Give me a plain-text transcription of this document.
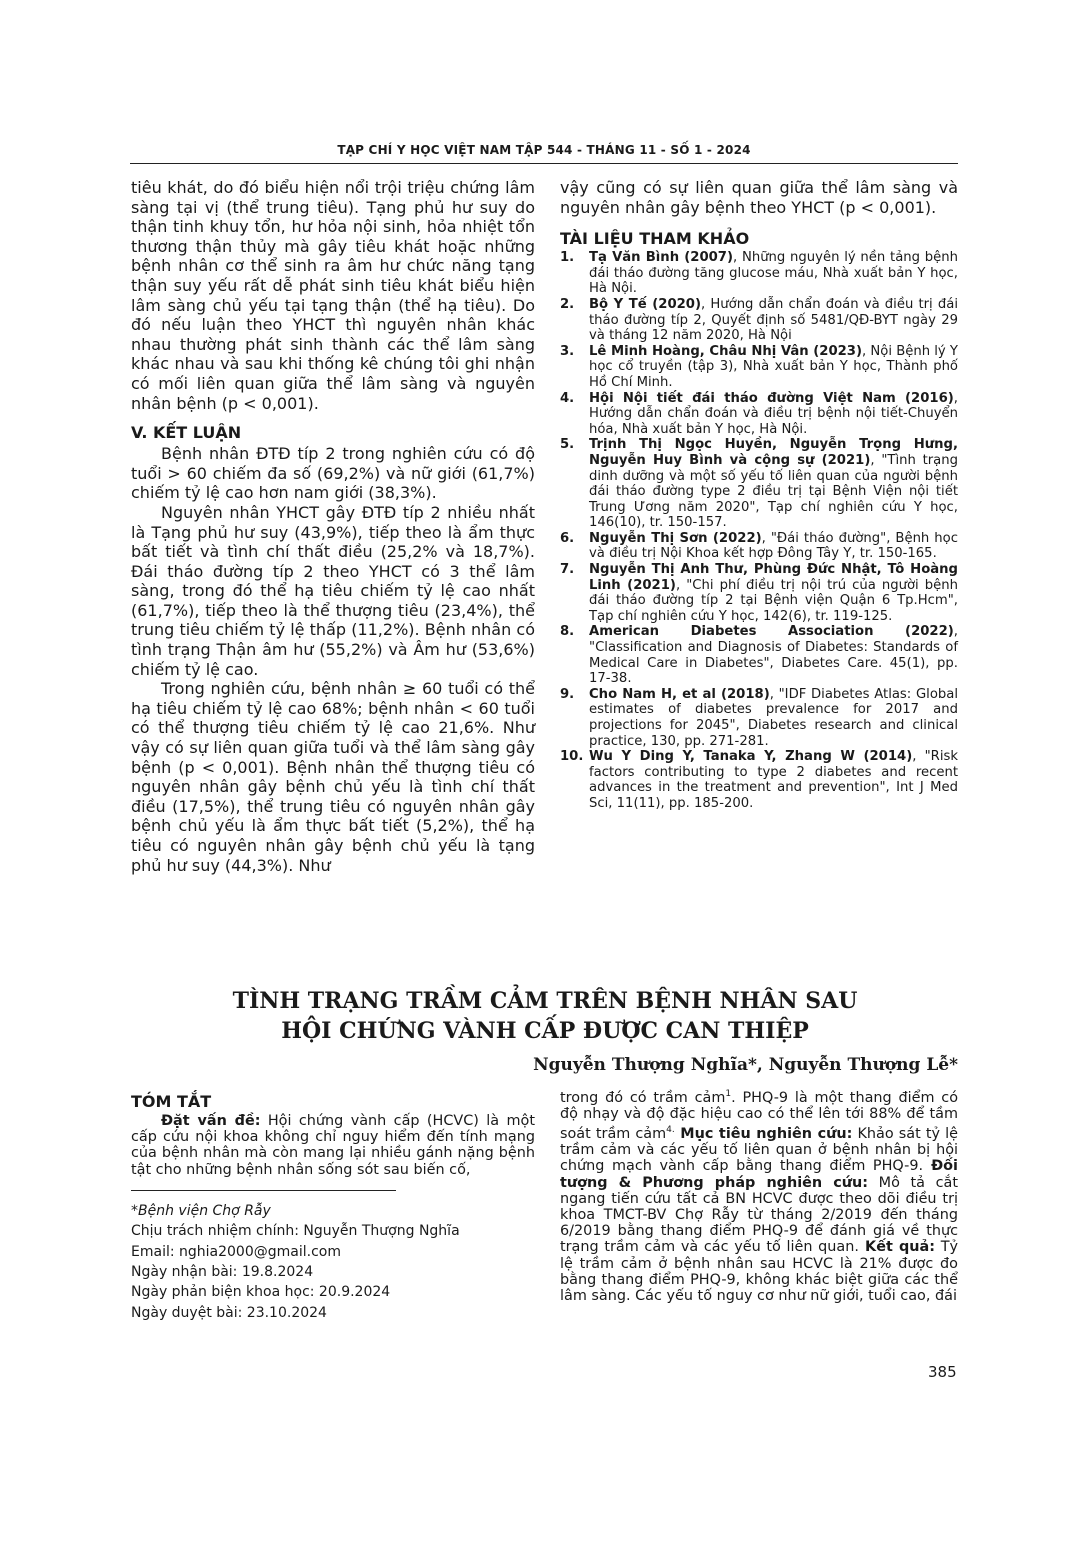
TẠP CHÍ Y HỌC VIỆT NAM TẬP 544 - THÁNG 11 - SỐ 1 - 2024

tiêu khát, do đó biểu hiện nổi trội triệu chứng lâm sàng tại vị (thể trung tiêu). Tạng phủ hư suy do thận tinh khuy tổn, hư hỏa nội sinh, hỏa nhiệt tổn thương thận thủy mà gây tiêu khát hoặc những bệnh nhân cơ thể sinh ra âm hư chức năng tạng thận suy yếu rất dễ phát sinh tiêu khát biểu hiện lâm sàng chủ yếu tại tạng thận (thể hạ tiêu). Do đó nếu luận theo YHCT thì nguyên nhân khác nhau thường phát sinh thành các thể lâm sàng khác nhau và sau khi thống kê chúng tôi ghi nhận có mối liên quan giữa thể lâm sàng và nguyên nhân bệnh (p < 0,001).

V. KẾT LUẬN

Bệnh nhân ĐTĐ típ 2 trong nghiên cứu có độ tuổi > 60 chiếm đa số (69,2%) và nữ giới (61,7%) chiếm tỷ lệ cao hơn nam giới (38,3%).

Nguyên nhân YHCT gây ĐTĐ típ 2 nhiều nhất là Tạng phủ hư suy (43,9%), tiếp theo là ẩm thực bất tiết và tình chí thất điều (25,2% và 18,7%). Đái tháo đường típ 2 theo YHCT có 3 thể lâm sàng, trong đó thể hạ tiêu chiếm tỷ lệ cao nhất (61,7%), tiếp theo là thể thượng tiêu (23,4%), thể trung tiêu chiếm tỷ lệ thấp (11,2%). Bệnh nhân có tình trạng Thận âm hư (55,2%) và Âm hư (53,6%) chiếm tỷ lệ cao.

Trong nghiên cứu, bệnh nhân ≥ 60 tuổi có thể hạ tiêu chiếm tỷ lệ cao 68%; bệnh nhân < 60 tuổi có thể thượng tiêu chiếm tỷ lệ cao 21,6%. Như vậy có sự liên quan giữa tuổi và thể lâm sàng gây bệnh (p < 0,001). Bệnh nhân thể thượng tiêu có nguyên nhân gây bệnh chủ yếu là tình chí thất điều (17,5%), thể trung tiêu có nguyên nhân gây bệnh chủ yếu là ẩm thực bất tiết (5,2%), thể hạ tiêu có nguyên nhân gây bệnh chủ yếu là tạng phủ hư suy (44,3%). Như

vậy cũng có sự liên quan giữa thể lâm sàng và nguyên nhân gây bệnh theo YHCT (p < 0,001).

TÀI LIỆU THAM KHẢO
1.	Tạ Văn Bình (2007), Những nguyên lý nền tảng bệnh đái tháo đường tăng glucose máu, Nhà xuất bản Y học, Hà Nội.
2.	Bộ Y Tế (2020), Hướng dẫn chẩn đoán và điều trị đái tháo đường típ 2, Quyết định số 5481/QĐ-BYT ngày 29 và tháng 12 năm 2020, Hà Nội
3.	Lê Minh Hoàng, Châu Nhị Vân (2023), Nội Bệnh lý Y học cổ truyền (tập 3), Nhà xuất bản Y học, Thành phố Hồ Chí Minh.
4.	Hội Nội tiết đái tháo đường Việt Nam (2016), Hướng dẫn chẩn đoán và điều trị bệnh nội tiết-Chuyển hóa, Nhà xuất bản Y học, Hà Nội.
5.	Trịnh Thị Ngọc Huyền, Nguyễn Trọng Hưng, Nguyễn Huy Bình và cộng sự (2021), "Tình trạng dinh dưỡng và một số yếu tố liên quan của người bệnh đái tháo đường type 2 điều trị tại Bệnh Viện nội tiết Trung Ương năm 2020", Tạp chí nghiên cứu Y học, 146(10), tr. 150-157.
6.	Nguyễn Thị Sơn (2022), "Đái tháo đường", Bệnh học và điều trị Nội Khoa kết hợp Đông Tây Y, tr. 150-165.
7.	Nguyễn Thị Anh Thư, Phùng Đức Nhật, Tô Hoàng Linh (2021), "Chi phí điều trị nội trú của người bệnh đái tháo đường típ 2 tại Bệnh viện Quận 6 Tp.Hcm", Tạp chí nghiên cứu Y học, 142(6), tr. 119-125.
8.	American Diabetes Association (2022), "Classification and Diagnosis of Diabetes: Standards of Medical Care in Diabetes", Diabetes Care. 45(1), pp. 17-38.
9.	Cho Nam H, et al (2018), "IDF Diabetes Atlas: Global estimates of diabetes prevalence for 2017 and projections for 2045", Diabetes research and clinical practice, 130, pp. 271-281.
10. Wu Y Ding Y, Tanaka Y, Zhang W (2014), "Risk factors contributing to type 2 diabetes and recent advances in the treatment and prevention", Int J Med Sci, 11(11), pp. 185-200.
TÌNH TRẠNG TRẦM CẢM TRÊN BỆNH NHÂN SAU
HỘI CHỨNG VÀNH CẤP ĐƯỢC CAN THIỆP
Nguyễn Thượng Nghĩa*, Nguyễn Thượng Lễ*
TÓM TẮT

Đặt vấn đề: Hội chứng vành cấp (HCVC) là một cấp cứu nội khoa không chỉ nguy hiểm đến tính mạng của bệnh nhân mà còn mang lại nhiều gánh nặng bệnh tật cho những bệnh nhân sống sót sau biến cố,

*Bệnh viện Chợ Rẫy

Chịu trách nhiệm chính: Nguyễn Thượng Nghĩa

Email: nghia2000@gmail.com

Ngày nhận bài: 19.8.2024

Ngày phản biện khoa học: 20.9.2024

Ngày duyệt bài: 23.10.2024

trong đó có trầm cảm$^1$. PHQ-9 là một thang điểm có độ nhạy và độ đặc hiệu cao có thể lên tới 88% để tầm soát trầm cảm$^{4.}$ Mục tiêu nghiên cứu: Khảo sát tỷ lệ trầm cảm và các yếu tố liên quan ở bệnh nhân bị hội chứng mạch vành cấp bằng thang điểm PHQ-9. Đối tượng & Phương pháp nghiên cứu: Mô tả cắt ngang tiến cứu tất cả BN HCVC được theo dõi điều trị khoa TMCT-BV Chợ Rẫy từ tháng 2/2019 đến tháng 6/2019 bằng thang điểm PHQ-9 để đánh giá về thực trạng trầm cảm và các yếu tố liên quan. Kết quả: Tỷ lệ trầm cảm ở bệnh nhân sau HCVC là 21% được đo bằng thang điểm PHQ-9, không khác biệt giữa các thể lâm sàng. Các yếu tố nguy cơ như nữ giới, tuổi cao, đái

385
